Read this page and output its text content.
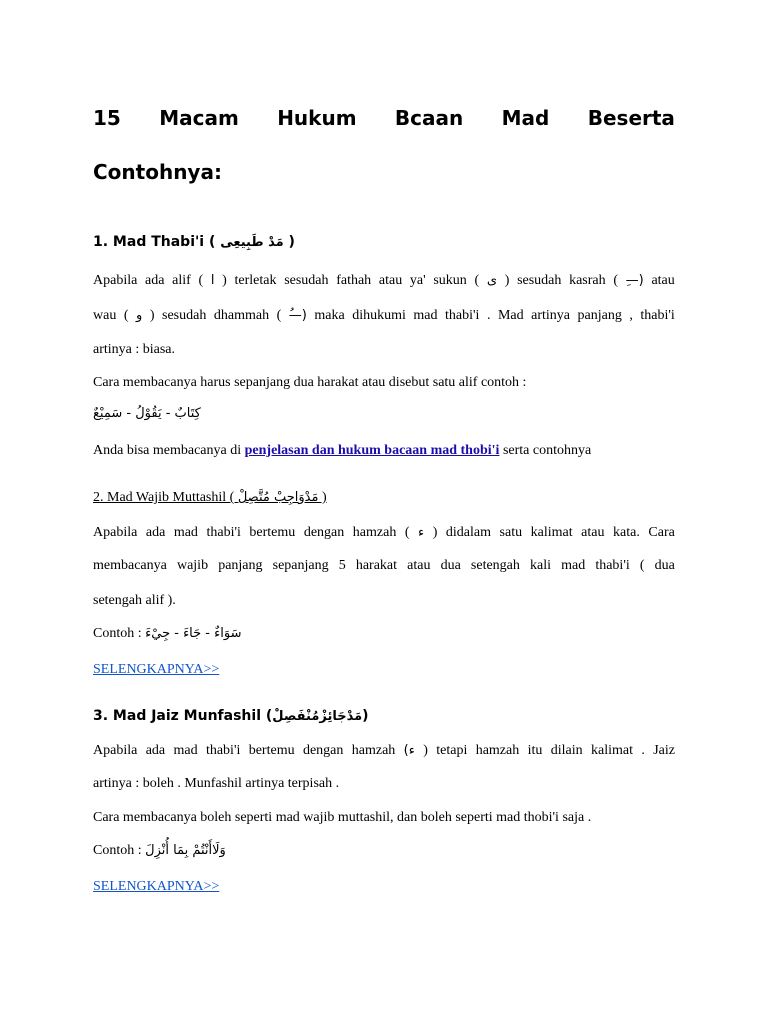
15 Macam Hukum Bcaan Mad Beserta
Contohnya:
1. Mad Thabi'i ( مَدْ طَبِيعِى )
Apabila ada alif ( ا ) terletak sesudah fathah atau ya' sukun ( ى ) sesudah kasrah ( —ِ) atau
wau ( و ) sesudah dhammah ( —ُ) maka dihukumi mad thabi'i . Mad artinya panjang , thabi'i
artinya : biasa.
Cara membacanya harus sepanjang dua harakat atau disebut satu alif contoh :
كِتَابٌ - يَقُوْلُ - سَمِيْعٌ
Anda bisa membacanya di penjelasan dan hukum bacaan mad thobi'i serta contohnya
2. Mad Wajib Muttashil ( مَدْوَاجِبْ مُتَّصِلْ )
Apabila ada mad thabi'i bertemu dengan hamzah ( ء ) didalam satu kalimat atau kata. Cara
membacanya wajib panjang sepanjang 5 harakat atau dua setengah kali mad thabi'i ( dua
setengah alif ).
Contoh : سَوَاءٌ - جَاءَ - جِيْءَ
SELENGKAPNYA>>
3. Mad Jaiz Munfashil (مَدْجَائِزْمُنْفَصِلْ)
Apabila ada mad thabi'i bertemu dengan hamzah (ء ) tetapi hamzah itu dilain kalimat . Jaiz
artinya : boleh . Munfashil artinya terpisah .
Cara membacanya boleh seperti mad wajib muttashil, dan boleh seperti mad thobi'i saja .
Contoh : وَلَاأَنْتُمْ بِمَا أُنْزِلَ
SELENGKAPNYA>>
